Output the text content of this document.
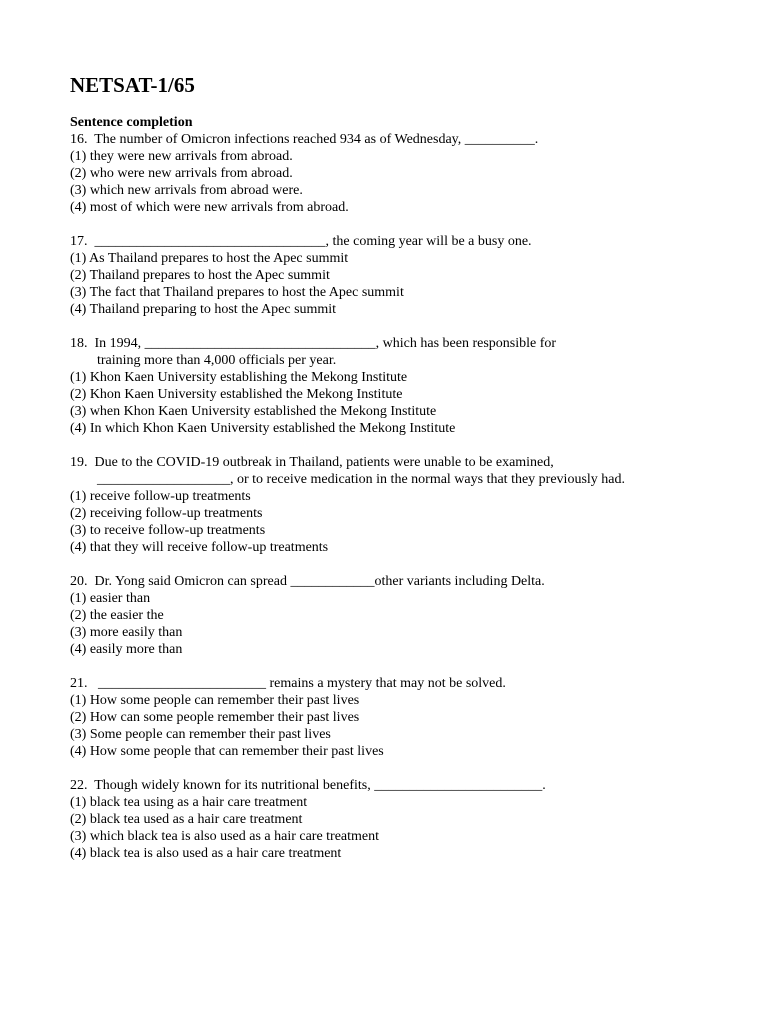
NETSAT-1/65
Sentence completion

16.  The number of Omicron infections reached 934 as of Wednesday, __________.

(1) they were new arrivals from abroad.

(2) who were new arrivals from abroad.

(3) which new arrivals from abroad were.

(4) most of which were new arrivals from abroad.

17.  _________________________________, the coming year will be a busy one.

(1) As Thailand prepares to host the Apec summit

(2) Thailand prepares to host the Apec summit

(3) The fact that Thailand prepares to host the Apec summit

(4) Thailand preparing to host the Apec summit

18.  In 1994, _________________________________, which has been responsible for

training more than 4,000 officials per year.

(1) Khon Kaen University establishing the Mekong Institute

(2) Khon Kaen University established the Mekong Institute

(3) when Khon Kaen University established the Mekong Institute

(4) In which Khon Kaen University established the Mekong Institute

19.  Due to the COVID-19 outbreak in Thailand, patients were unable to be examined,

___________________, or to receive medication in the normal ways that they previously had.

(1) receive follow-up treatments

(2) receiving follow-up treatments

(3) to receive follow-up treatments

(4) that they will receive follow-up treatments

20.  Dr. Yong said Omicron can spread ____________other variants including Delta.

(1) easier than

(2) the easier the

(3) more easily than

(4) easily more than

21.   ________________________ remains a mystery that may not be solved.

(1) How some people can remember their past lives

(2) How can some people remember their past lives

(3) Some people can remember their past lives

(4) How some people that can remember their past lives

22.  Though widely known for its nutritional benefits, ________________________.

(1) black tea using as a hair care treatment

(2) black tea used as a hair care treatment

(3) which black tea is also used as a hair care treatment

(4) black tea is also used as a hair care treatment
